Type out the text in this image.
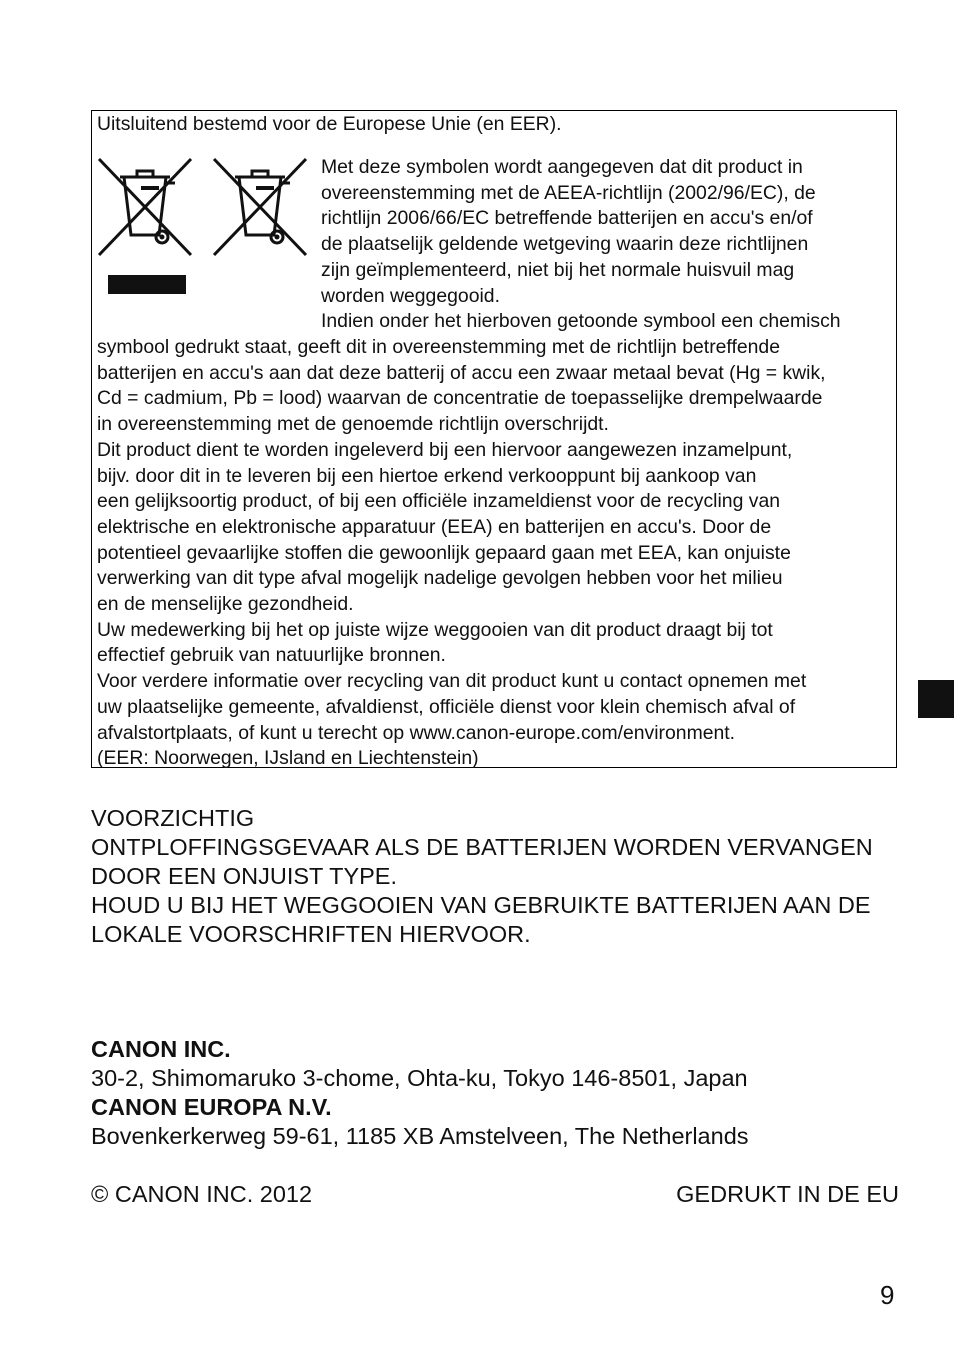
Uitsluitend bestemd voor de Europese Unie (en EER).
Met deze symbolen wordt aangegeven dat dit product in
overeenstemming met de AEEA-richtlijn (2002/96/EC), de
richtlijn 2006/66/EC betreffende batterijen en accu's en/of
de plaatselijk geldende wetgeving waarin deze richtlijnen
zijn geïmplementeerd, niet bij het normale huisvuil mag
worden weggegooid.
Indien onder het hierboven getoonde symbool een chemisch
symbool gedrukt staat, geeft dit in overeenstemming met de richtlijn betreffende
batterijen en accu's aan dat deze batterij of accu een zwaar metaal bevat (Hg = kwik,
Cd = cadmium, Pb = lood) waarvan de concentratie de toepasselijke drempelwaarde
in overeenstemming met de genoemde richtlijn overschrijdt.
Dit product dient te worden ingeleverd bij een hiervoor aangewezen inzamelpunt,
bijv. door dit in te leveren bij een hiertoe erkend verkooppunt bij aankoop van
een gelijksoortig product, of bij een officiële inzameldienst voor de recycling van
elektrische en elektronische apparatuur (EEA) en batterijen en accu's. Door de
potentieel gevaarlijke stoffen die gewoonlijk gepaard gaan met EEA, kan onjuiste
verwerking van dit type afval mogelijk nadelige gevolgen hebben voor het milieu
en de menselijke gezondheid.
Uw medewerking bij het op juiste wijze weggooien van dit product draagt bij tot
effectief gebruik van natuurlijke bronnen.
Voor verdere informatie over recycling van dit product kunt u contact opnemen met
uw plaatselijke gemeente, afvaldienst, officiële dienst voor klein chemisch afval of
afvalstortplaats, of kunt u terecht op www.canon-europe.com/environment.
(EER: Noorwegen, IJsland en Liechtenstein)
VOORZICHTIG
ONTPLOFFINGSGEVAAR ALS DE BATTERIJEN WORDEN VERVANGEN
DOOR EEN ONJUIST TYPE.
HOUD U BIJ HET WEGGOOIEN VAN GEBRUIKTE BATTERIJEN AAN DE
LOKALE VOORSCHRIFTEN HIERVOOR.
CANON INC.
30-2, Shimomaruko 3-chome, Ohta-ku, Tokyo 146-8501, Japan
CANON EUROPA N.V.
Bovenkerkerweg 59-61, 1185 XB Amstelveen, The Netherlands
© CANON INC. 2012	GEDRUKT IN DE EU
9
